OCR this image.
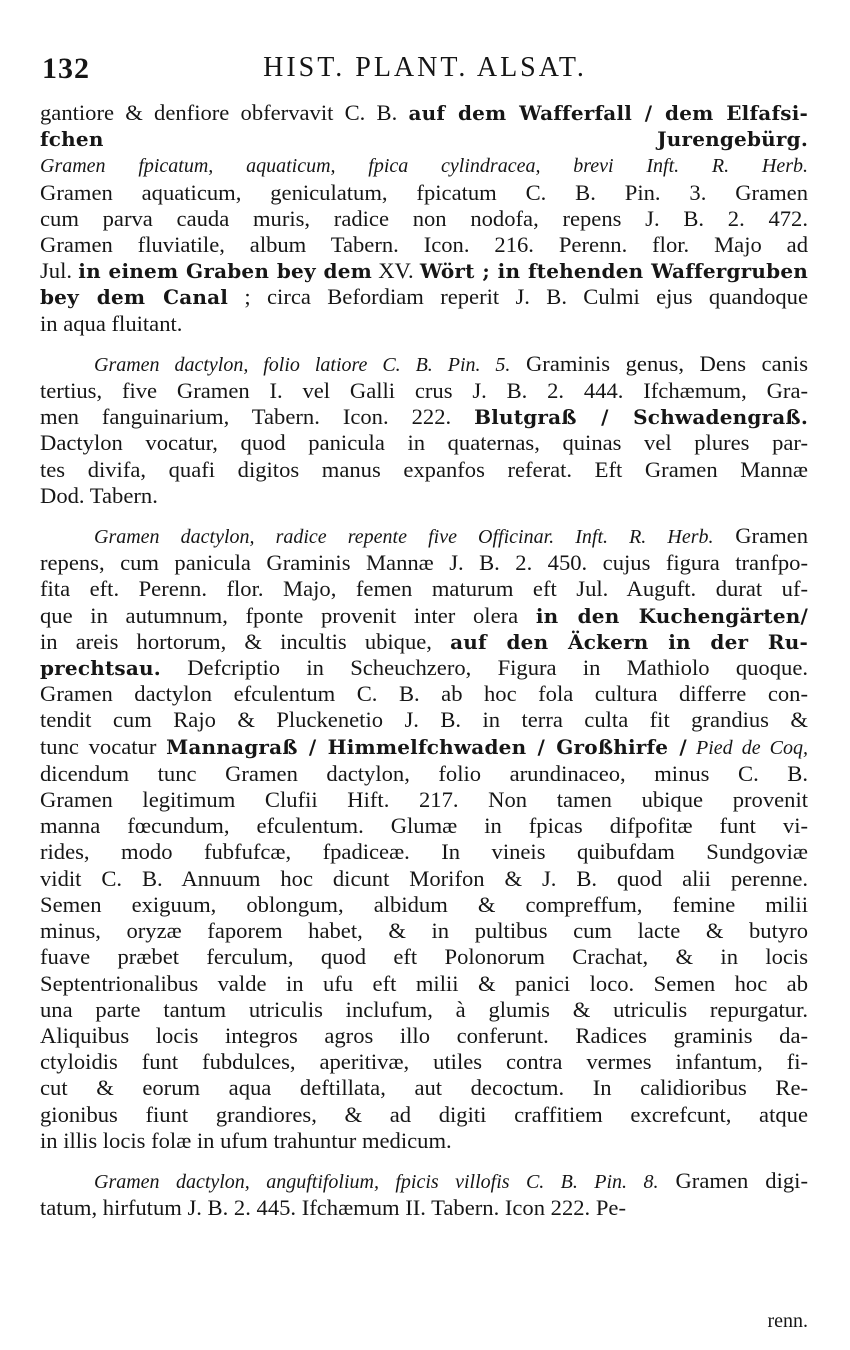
132	HIST. PLANT. ALSAT.
gantiore & denfiore obfervavit C. B. auf dem Wafferfall / dem Elfafsi-
fchen Jurengebürg.
Gramen fpicatum, aquaticum, fpica cylindracea, brevi Inft. R. Herb.
Gramen aquaticum, geniculatum, fpicatum C. B. Pin. 3. Gramen
cum parva cauda muris, radice non nodofa, repens J. B. 2. 472.
Gramen fluviatile, album Tabern. Icon. 216. Perenn. flor. Majo ad
Jul. in einem Graben bey dem XV. Wört ; in ftehenden Waffergruben
bey dem Canal ; circa Befordiam reperit J. B. Culmi ejus quandoque
in aqua fluitant.
Gramen dactylon, folio latiore C. B. Pin. 5. Graminis genus, Dens canis
tertius, five Gramen I. vel Galli crus J. B. 2. 444. Ifchæmum, Gra-
men fanguinarium, Tabern. Icon. 222. Blutgraß / Schwadengraß.
Dactylon vocatur, quod panicula in quaternas, quinas vel plures par-
tes divifa, quafi digitos manus expanfos referat. Eft Gramen Mannæ
Dod. Tabern.
Gramen dactylon, radice repente five Officinar. Inft. R. Herb. Gramen
repens, cum panicula Graminis Mannæ J. B. 2. 450. cujus figura tranfpo-
fita eft. Perenn. flor. Majo, femen maturum eft Jul. Auguft. durat uf-
que in autumnum, fponte provenit inter olera in den Kuchengärten/
in areis hortorum, & incultis ubique, auf den Äckern in der Ru-
prechtsau. Defcriptio in Scheuchzero, Figura in Mathiolo quoque.
Gramen dactylon efculentum C. B. ab hoc fola cultura differre con-
tendit cum Rajo & Pluckenetio J. B. in terra culta fit grandius &
tunc vocatur Mannagraß / Himmelfchwaden / Großhirfe / Pied de Coq,
dicendum tunc Gramen dactylon, folio arundinaceo, minus C. B.
Gramen legitimum Clufii Hift. 217. Non tamen ubique provenit
manna fœcundum, efculentum. Glumæ in fpicas difpofitæ funt vi-
rides, modo fubfufcæ, fpadiceæ. In vineis quibufdam Sundgoviæ
vidit C. B. Annuum hoc dicunt Morifon & J. B. quod alii perenne.
Semen exiguum, oblongum, albidum & compreffum, femine milii
minus, oryzæ faporem habet, & in pultibus cum lacte & butyro
fuave præbet ferculum, quod eft Polonorum Crachat, & in locis
Septentrionalibus valde in ufu eft milii & panici loco. Semen hoc ab
una parte tantum utriculis inclufum, à glumis & utriculis repurgatur.
Aliquibus locis integros agros illo conferunt. Radices graminis da-
ctyloidis funt fubdulces, aperitivæ, utiles contra vermes infantum, fi-
cut & eorum aqua deftillata, aut decoctum. In calidioribus Re-
gionibus fiunt grandiores, & ad digiti craffitiem excrefcunt, atque
in illis locis folæ in ufum trahuntur medicum.
Gramen dactylon, anguftifolium, fpicis villofis C. B. Pin. 8. Gramen digi-
tatum, hirfutum J. B. 2. 445. Ifchæmum II. Tabern. Icon 222. Pe-
renn.
